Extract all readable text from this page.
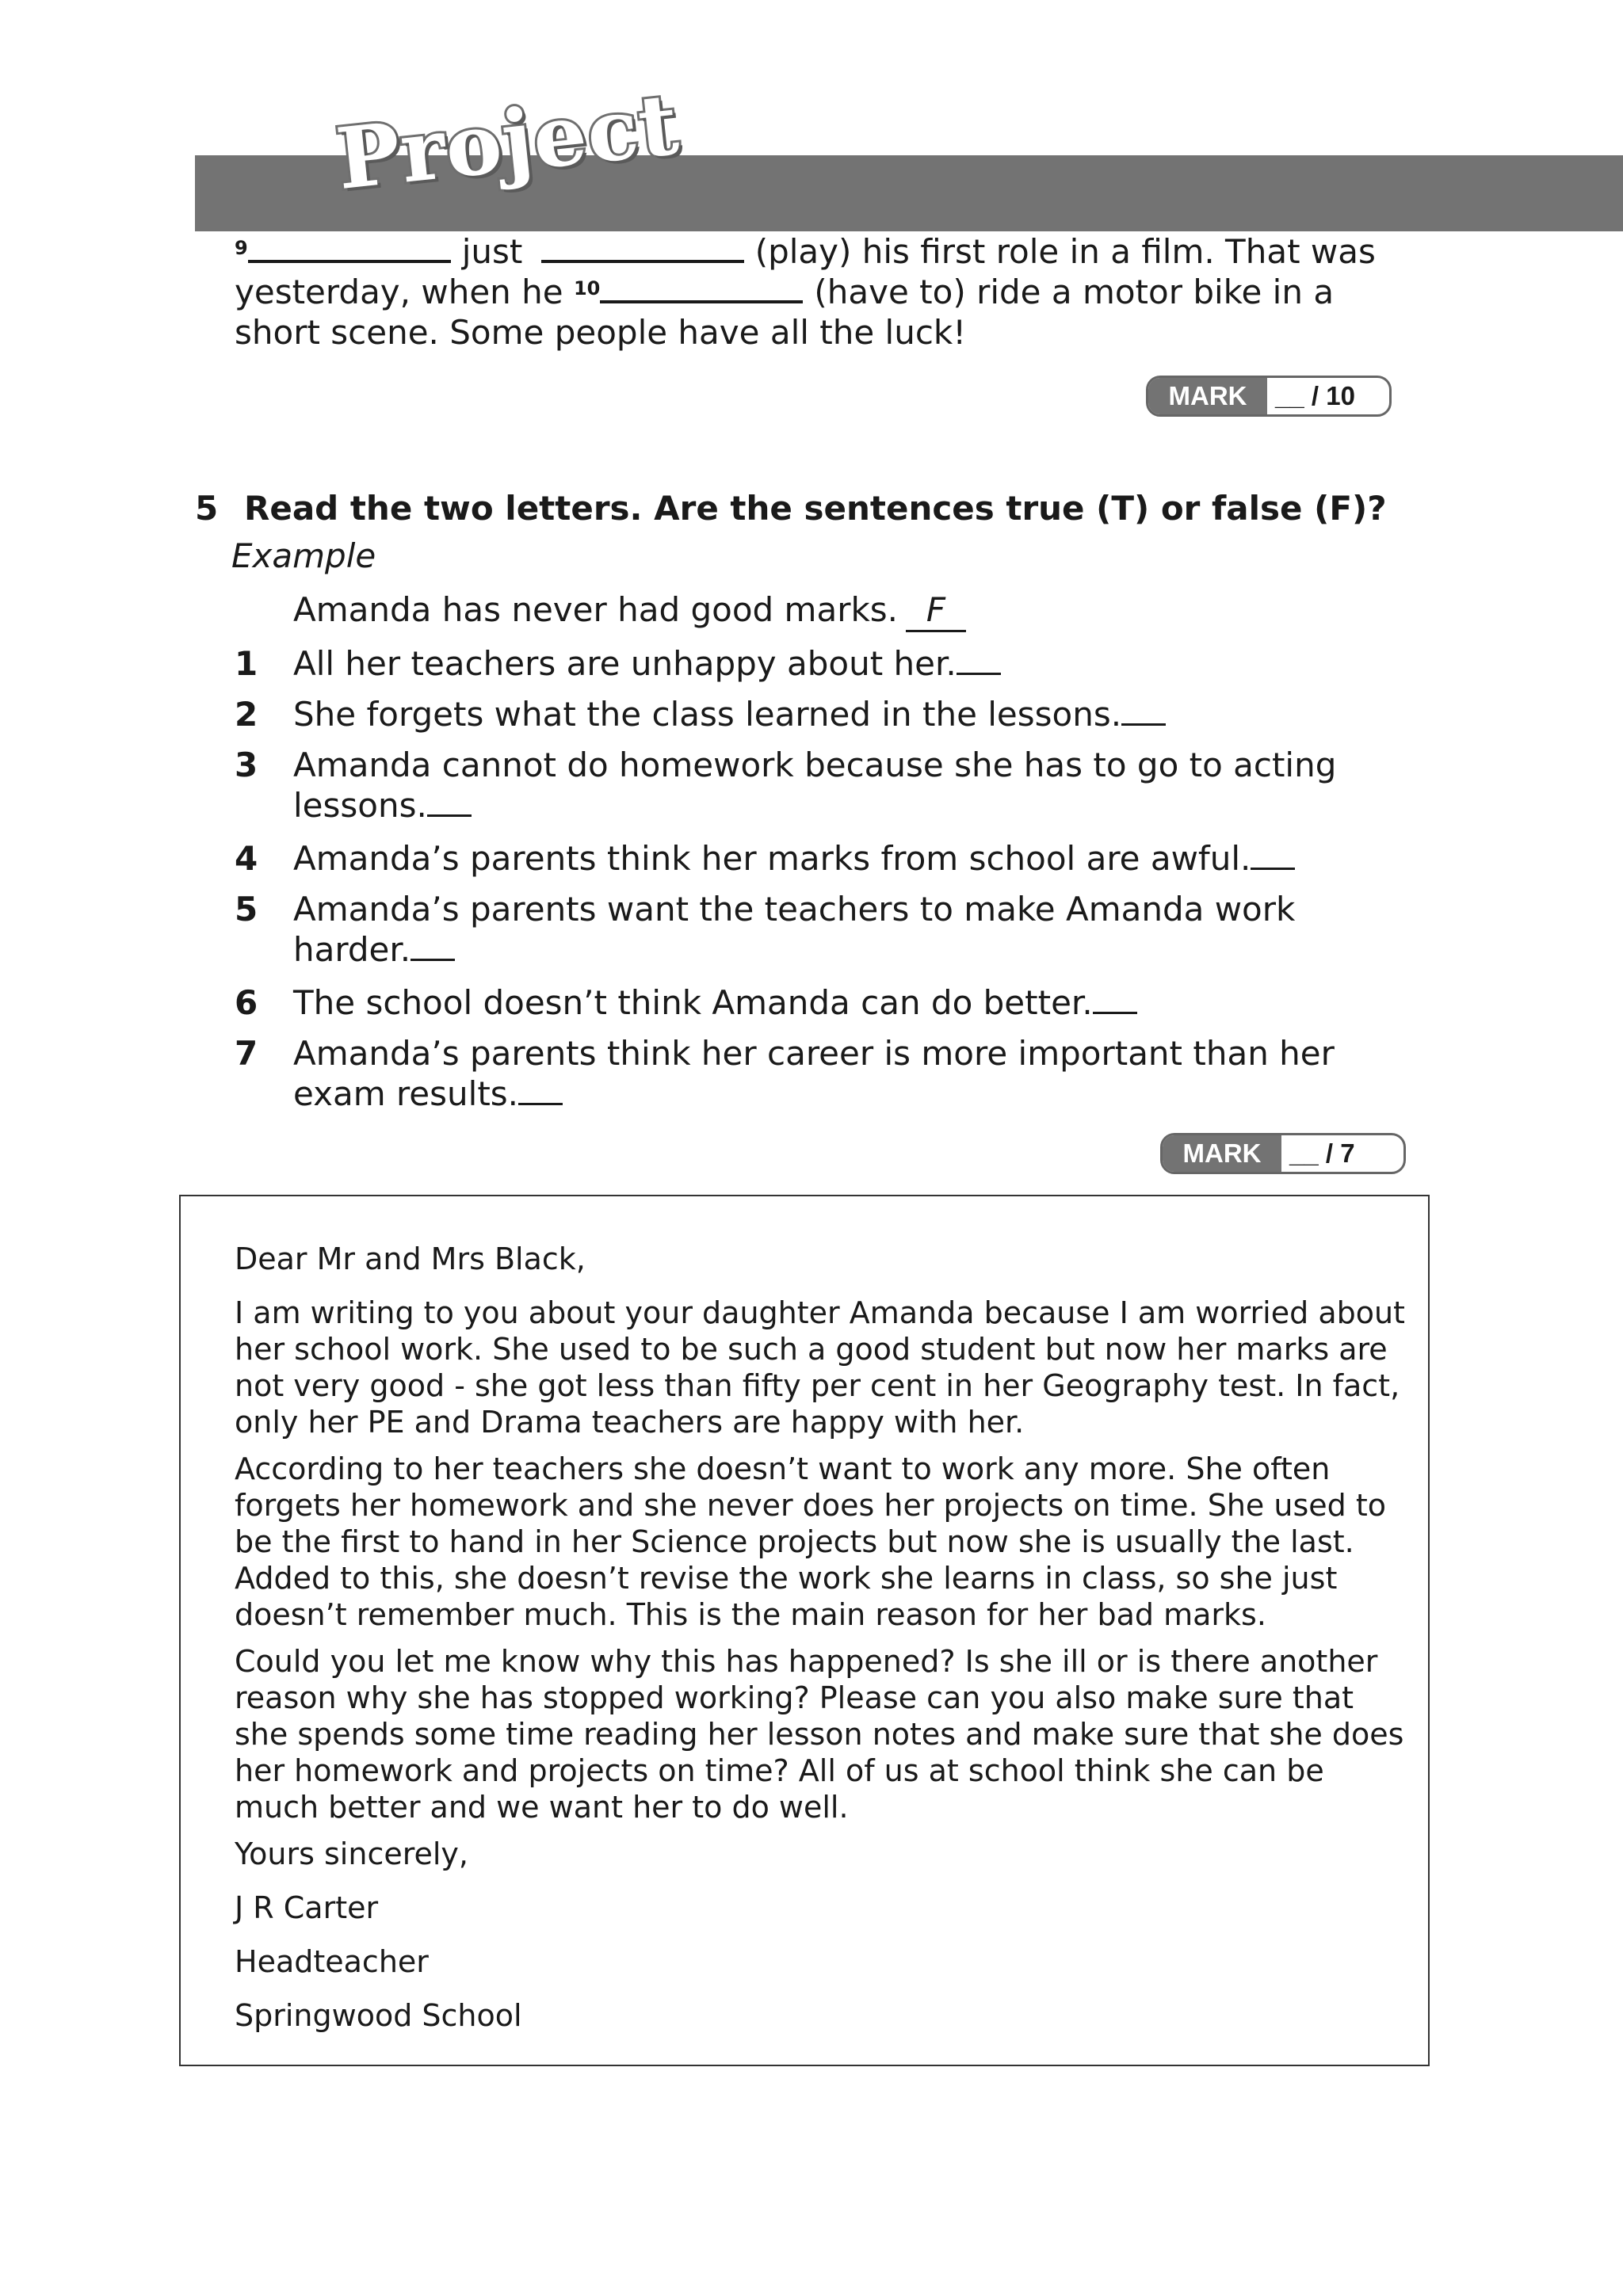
Project
$^9$	just	(play) his first role in a film. That was
yesterday, when he $^{10}$	(have to) ride a motor bike in a
short scene. Some people have all the luck!
MARK	__ / 10
5 Read the two letters. Are the sentences true (T) or false (F)?
Example
Amanda has never had good marks. F
1 All her teachers are unhappy about her.
2 She forgets what the class learned in the lessons.
3 Amanda cannot do homework because she has to go to acting lessons.
4 Amanda’s parents think her marks from school are awful.
5 Amanda’s parents want the teachers to make Amanda work harder.
6 The school doesn’t think Amanda can do better.
7 Amanda’s parents think her career is more important than her exam results.
MARK	__ / 7

Dear Mr and Mrs Black,

I am writing to you about your daughter Amanda because I am worried about her school work. She used to be such a good student but now her marks are not very good - she got less than fifty per cent in her Geography test. In fact, only her PE and Drama teachers are happy with her.

According to her teachers she doesn’t want to work any more. She often forgets her homework and she never does her projects on time. She used to be the first to hand in her Science projects but now she is usually the last. Added to this, she doesn’t revise the work she learns in class, so she just doesn’t remember much. This is the main reason for her bad marks.

Could you let me know why this has happened? Is she ill or is there another reason why she has stopped working? Please can you also make sure that she spends some time reading her lesson notes and make sure that she does her homework and projects on time? All of us at school think she can be much better and we want her to do well.

Yours sincerely,

J R Carter

Headteacher

Springwood School
